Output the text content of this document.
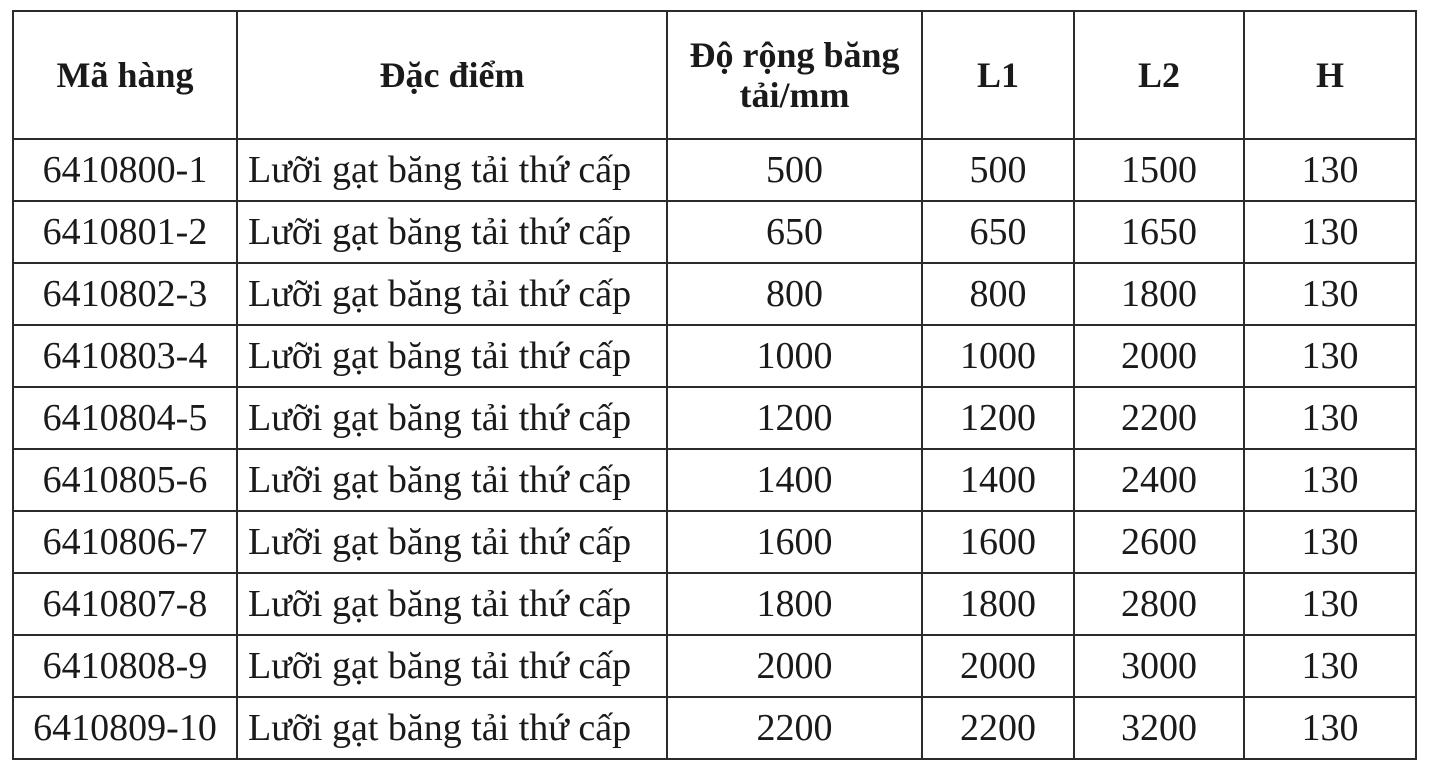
Mã hàng	Đặc điểm	Độ rộng băng tải/mm	L1	L2	H
6410800-1	Lưỡi gạt băng tải thứ cấp	500	500	1500	130
6410801-2	Lưỡi gạt băng tải thứ cấp	650	650	1650	130
6410802-3	Lưỡi gạt băng tải thứ cấp	800	800	1800	130
6410803-4	Lưỡi gạt băng tải thứ cấp	1000	1000	2000	130
6410804-5	Lưỡi gạt băng tải thứ cấp	1200	1200	2200	130
6410805-6	Lưỡi gạt băng tải thứ cấp	1400	1400	2400	130
6410806-7	Lưỡi gạt băng tải thứ cấp	1600	1600	2600	130
6410807-8	Lưỡi gạt băng tải thứ cấp	1800	1800	2800	130
6410808-9	Lưỡi gạt băng tải thứ cấp	2000	2000	3000	130
6410809-10	Lưỡi gạt băng tải thứ cấp	2200	2200	3200	130
